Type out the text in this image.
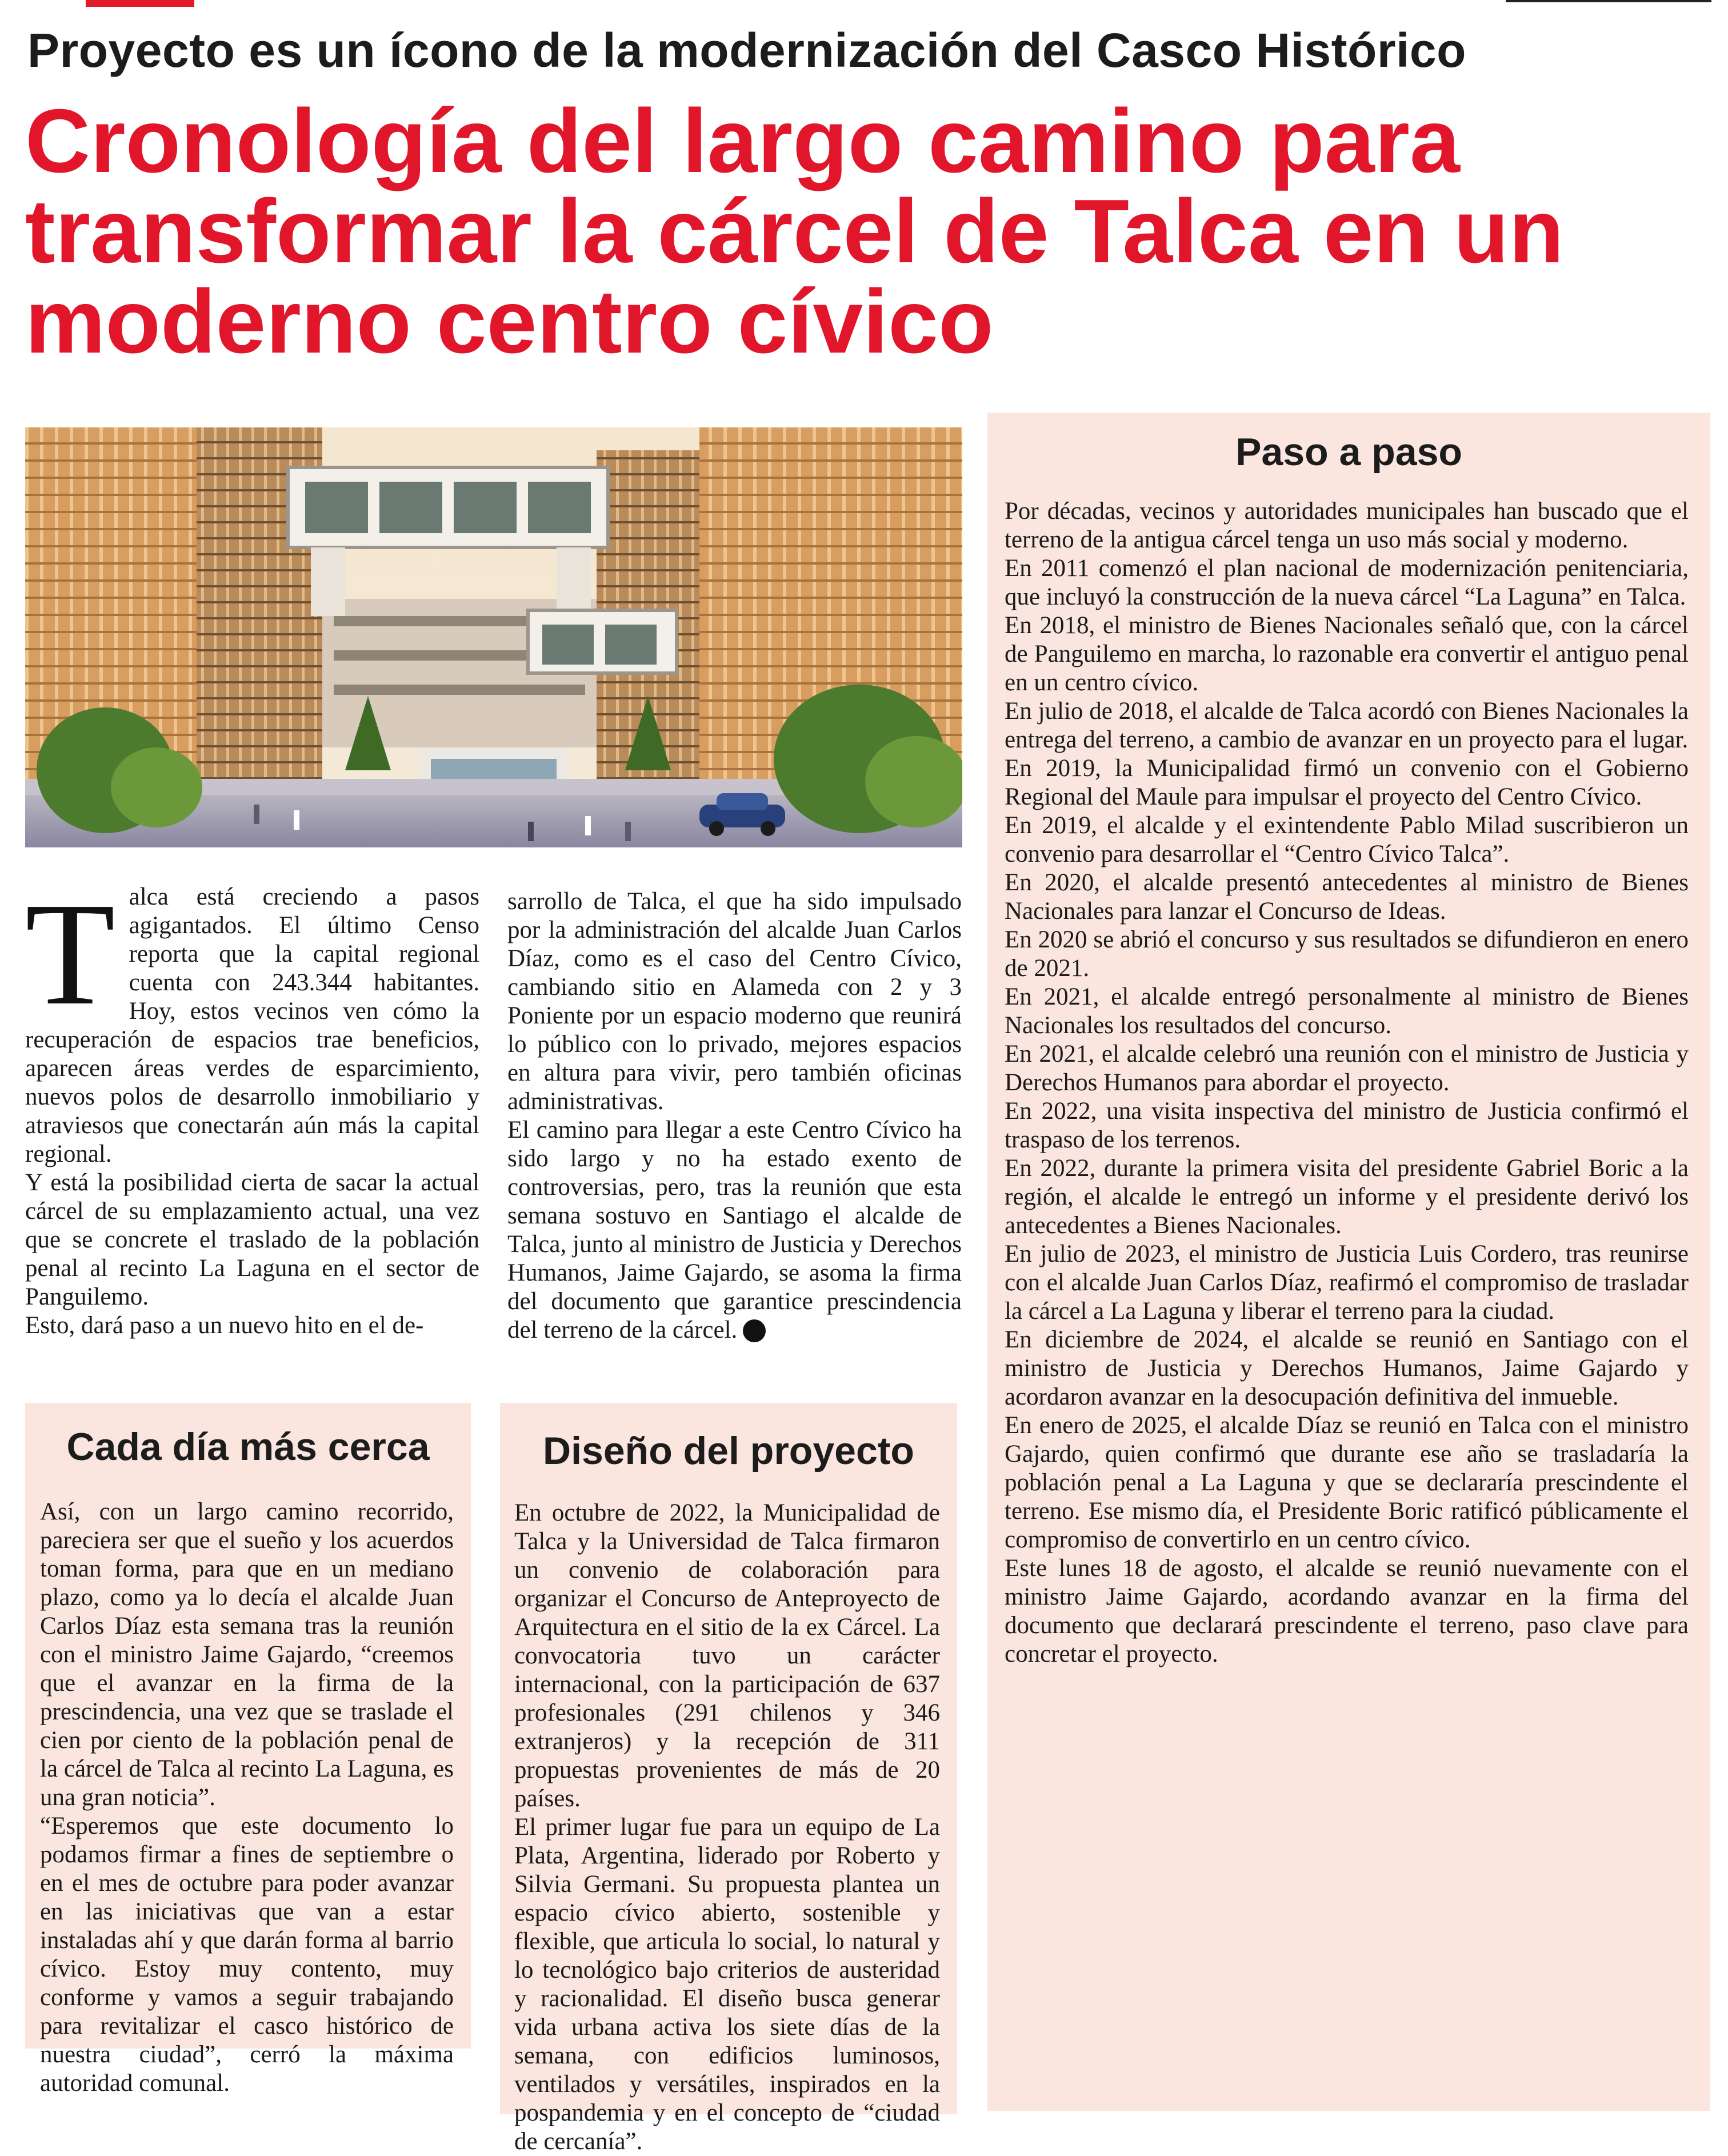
Proyecto es un ícono de la modernización del Casco Histórico
Cronología del largo camino para
transformar la cárcel de Talca en un
moderno centro cívico
T alca está creciendo a pasos agigantados. El último Censo reporta que la capital regional cuenta con 243.344 habitantes. Hoy, estos vecinos ven cómo la recuperación de espacios trae beneficios, aparecen áreas verdes de esparcimiento, nuevos polos de desarrollo inmobiliario y atraviesos que conectarán aún más la capital regional.

Y está la posibilidad cierta de sacar la actual cárcel de su emplazamiento actual, una vez que se concrete el traslado de la población penal al recinto La Laguna en el sector de Panguilemo.

Esto, dará paso a un nuevo hito en el de-

sarrollo de Talca, el que ha sido impulsado por la administración del alcalde Juan Carlos Díaz, como es el caso del Centro Cívico, cambiando sitio en Alameda con 2 y 3 Poniente por un espacio moderno que reunirá lo público con lo privado, mejores espacios en altura para vivir, pero también oficinas administrativas.

El camino para llegar a este Centro Cívico ha sido largo y no ha estado exento de controversias, pero, tras la reunión que esta semana sostuvo en Santiago el alcalde de Talca, junto al ministro de Justicia y Derechos Humanos, Jaime Gajardo, se asoma la firma del documento que garantice prescindencia del terreno de la cárcel.

Cada día más cerca

Así, con un largo camino recorrido, pareciera ser que el sueño y los acuerdos toman forma, para que en un mediano plazo, como ya lo decía el alcalde Juan Carlos Díaz esta semana tras la reunión con el ministro Jaime Gajardo, “creemos que el avanzar en la firma de la prescindencia, una vez que se traslade el cien por ciento de la población penal de la cárcel de Talca al recinto La Laguna, es una gran noticia”.

“Esperemos que este documento lo podamos firmar a fines de septiembre o en el mes de octubre para poder avanzar en las iniciativas que van a estar instaladas ahí y que darán forma al barrio cívico. Estoy muy contento, muy conforme y vamos a seguir trabajando para revitalizar el casco histórico de nuestra ciudad”, cerró la máxima autoridad comunal.

Diseño del proyecto

En octubre de 2022, la Municipalidad de Talca y la Universidad de Talca firmaron un convenio de colaboración para organizar el Concurso de Anteproyecto de Arquitectura en el sitio de la ex Cárcel. La convocatoria tuvo un carácter internacional, con la participación de 637 profesionales (291 chilenos y 346 extranjeros) y la recepción de 311 propuestas provenientes de más de 20 países.

El primer lugar fue para un equipo de La Plata, Argentina, liderado por Roberto y Silvia Germani. Su propuesta plantea un espacio cívico abierto, sostenible y flexible, que articula lo social, lo natural y lo tecnológico bajo criterios de austeridad y racionalidad. El diseño busca generar vida urbana activa los siete días de la semana, con edificios luminosos, ventilados y versátiles, inspirados en la pospandemia y en el concepto de “ciudad de cercanía”.

Paso a paso

Por décadas, vecinos y autoridades municipales han buscado que el terreno de la antigua cárcel tenga un uso más social y moderno.

En 2011 comenzó el plan nacional de modernización penitenciaria, que incluyó la construcción de la nueva cárcel “La Laguna” en Talca.

En 2018, el ministro de Bienes Nacionales señaló que, con la cárcel de Panguilemo en marcha, lo razonable era convertir el antiguo penal en un centro cívico.

En julio de 2018, el alcalde de Talca acordó con Bienes Nacionales la entrega del terreno, a cambio de avanzar en un proyecto para el lugar.

En 2019, la Municipalidad firmó un convenio con el Gobierno Regional del Maule para impulsar el proyecto del Centro Cívico.

En 2019, el alcalde y el exintendente Pablo Milad suscribieron un convenio para desarrollar el “Centro Cívico Talca”.

En 2020, el alcalde presentó antecedentes al ministro de Bienes Nacionales para lanzar el Concurso de Ideas.

En 2020 se abrió el concurso y sus resultados se difundieron en enero de 2021.

En 2021, el alcalde entregó personalmente al ministro de Bienes Nacionales los resultados del concurso.

En 2021, el alcalde celebró una reunión con el ministro de Justicia y Derechos Humanos para abordar el proyecto.

En 2022, una visita inspectiva del ministro de Justicia confirmó el traspaso de los terrenos.

En 2022, durante la primera visita del presidente Gabriel Boric a la región, el alcalde le entregó un informe y el presidente derivó los antecedentes a Bienes Nacionales.

En julio de 2023, el ministro de Justicia Luis Cordero, tras reunirse con el alcalde Juan Carlos Díaz, reafirmó el compromiso de trasladar la cárcel a La Laguna y liberar el terreno para la ciudad.

En diciembre de 2024, el alcalde se reunió en Santiago con el ministro de Justicia y Derechos Humanos, Jaime Gajardo y acordaron avanzar en la desocupación definitiva del inmueble.

En enero de 2025, el alcalde Díaz se reunió en Talca con el ministro Gajardo, quien confirmó que durante ese año se trasladaría la población penal a La Laguna y que se declararía prescindente el terreno. Ese mismo día, el Presidente Boric ratificó públicamente el compromiso de convertirlo en un centro cívico.

Este lunes 18 de agosto, el alcalde se reunió nuevamente con el ministro Jaime Gajardo, acordando avanzar en la firma del documento que declarará prescindente el terreno, paso clave para concretar el proyecto.
